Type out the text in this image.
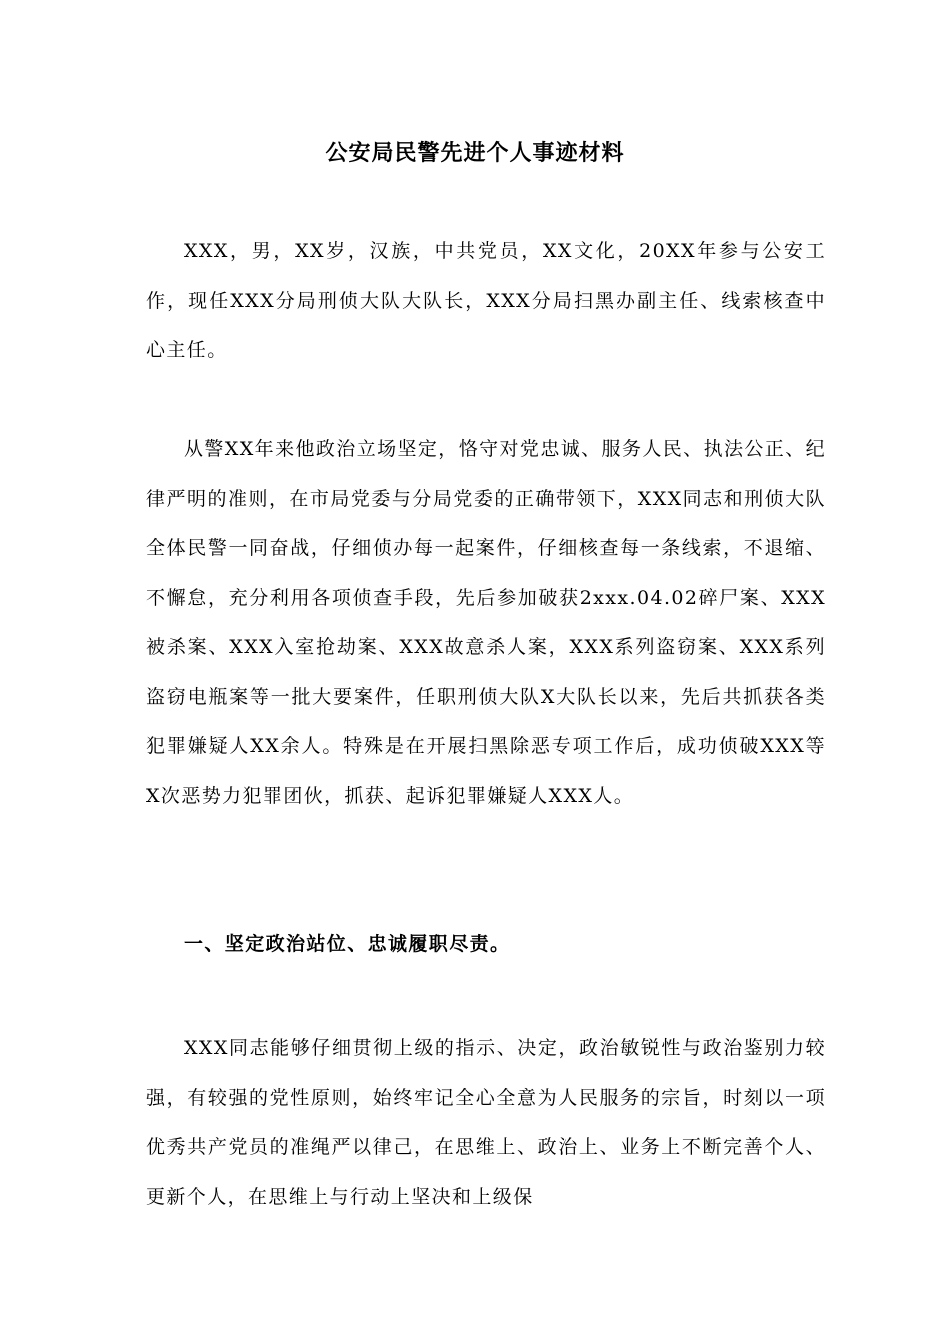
公安局民警先进个人事迹材料

XXX，男，XX岁，汉族，中共党员，XX文化，20XX年参与公安工作，现任XXX分局刑侦大队大队长，XXX分局扫黑办副主任、线索核查中心主任。

从警XX年来他政治立场坚定，恪守对党忠诚、服务人民、执法公正、纪律严明的准则，在市局党委与分局党委的正确带领下，XXX同志和刑侦大队全体民警一同奋战，仔细侦办每一起案件，仔细核查每一条线索，不退缩、不懈怠，充分利用各项侦查手段，先后参加破获2xxx.04.02碎尸案、XXX被杀案、XXX入室抢劫案、XXX故意杀人案，XXX系列盗窃案、XXX系列盗窃电瓶案等一批大要案件，任职刑侦大队X大队长以来，先后共抓获各类犯罪嫌疑人XX余人。特殊是在开展扫黑除恶专项工作后，成功侦破XXX等X次恶势力犯罪团伙，抓获、起诉犯罪嫌疑人XXX人。

一、坚定政治站位、忠诚履职尽责。

XXX同志能够仔细贯彻上级的指示、决定，政治敏锐性与政治鉴别力较强，有较强的党性原则，始终牢记全心全意为人民服务的宗旨，时刻以一项优秀共产党员的准绳严以律己，在思维上、政治上、业务上不断完善个人、更新个人，在思维上与行动上坚决和上级保
